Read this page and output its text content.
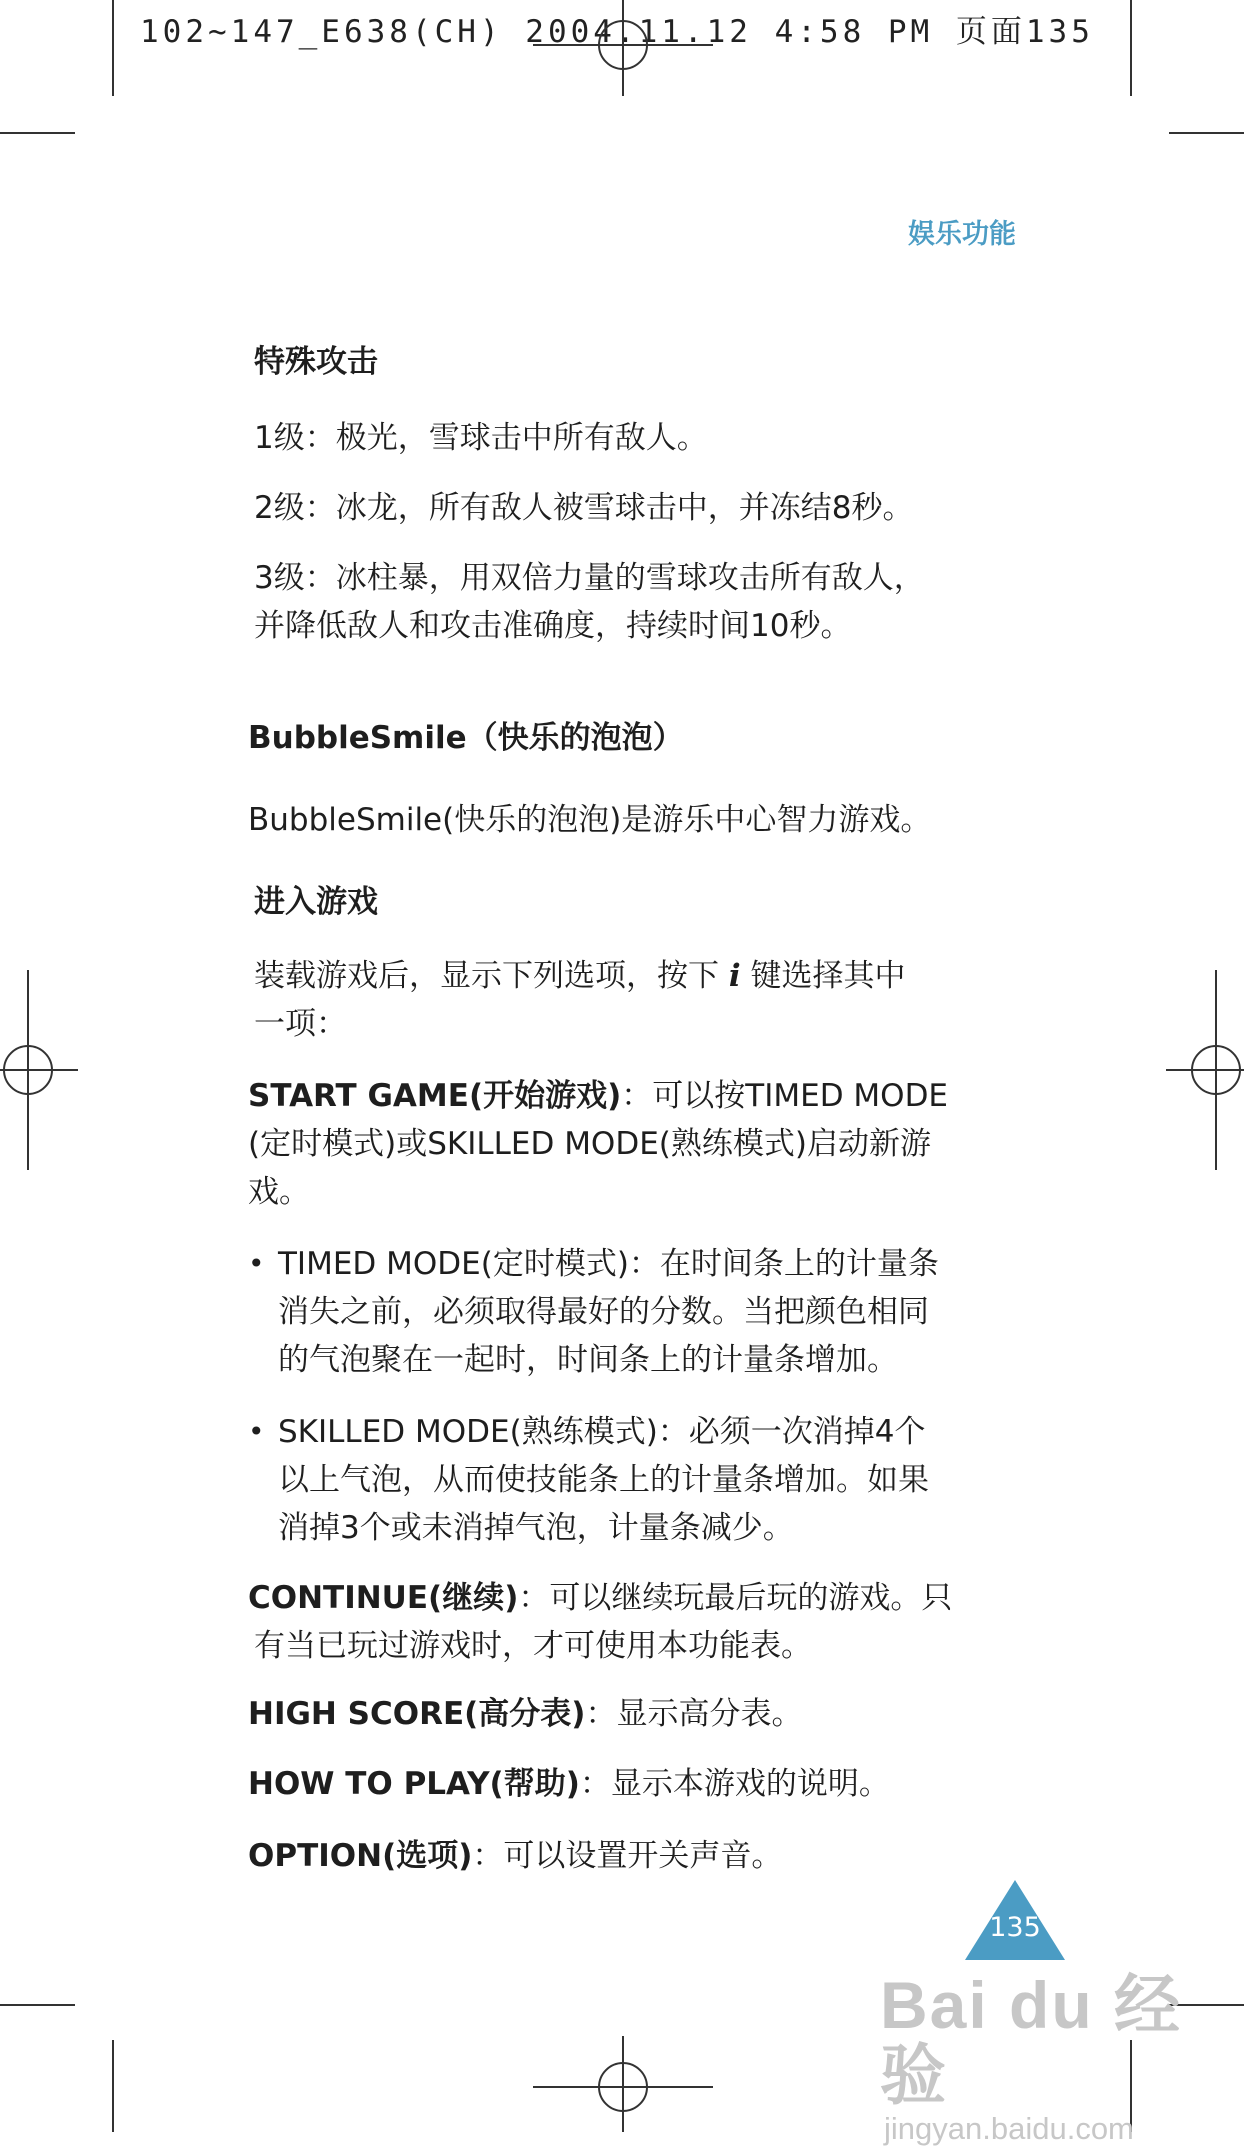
102~147_E638(CH) 2004.11.12 4:58 PM 页面135
娱乐功能
特殊攻击
1级：极光，雪球击中所有敌人。
2级：冰龙，所有敌人被雪球击中，并冻结8秒。
3级：冰柱暴，用双倍力量的雪球攻击所有敌人，
并降低敌人和攻击准确度，持续时间10秒。
BubbleSmile（快乐的泡泡）
BubbleSmile(快乐的泡泡)是游乐中心智力游戏。
进入游戏
装载游戏后，显示下列选项，按下 i 键选择其中
一项：
START GAME(开始游戏)：可以按TIMED MODE
(定时模式)或SKILLED MODE(熟练模式)启动新游
戏。
• TIMED MODE(定时模式)：在时间条上的计量条
消失之前，必须取得最好的分数。当把颜色相同
的气泡聚在一起时，时间条上的计量条增加。
• SKILLED MODE(熟练模式)：必须一次消掉4个
以上气泡，从而使技能条上的计量条增加。如果
消掉3个或未消掉气泡，计量条减少。
CONTINUE(继续)：可以继续玩最后玩的游戏。只
有当已玩过游戏时，才可使用本功能表。
HIGH SCORE(高分表)：显示高分表。
HOW TO PLAY(帮助)：显示本游戏的说明。
OPTION(选项)：可以设置开关声音。
135
Bai du 经验
jingyan.baidu.com
